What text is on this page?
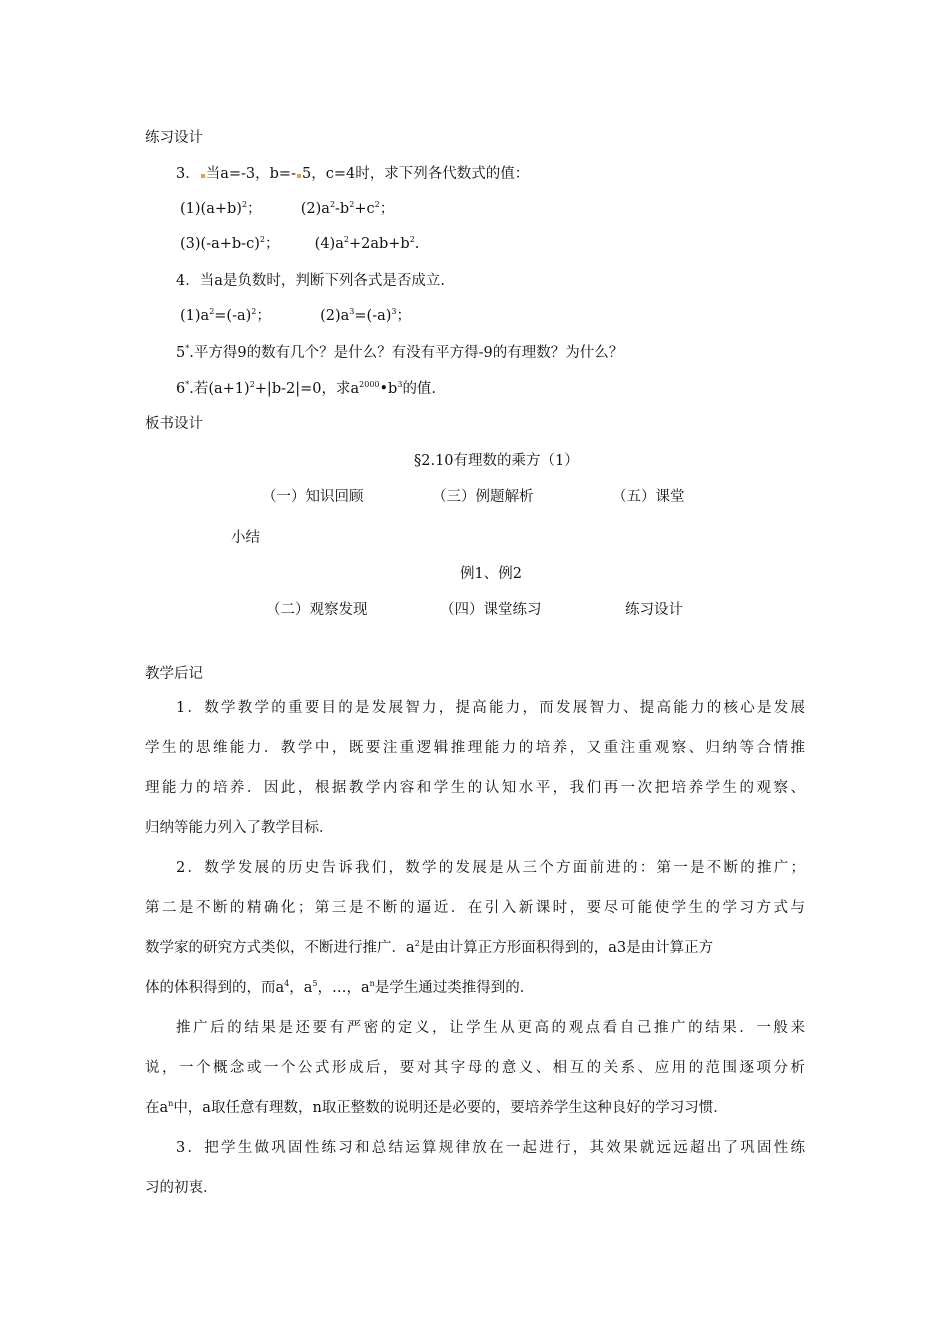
练习设计
3． 当a=-3，b=- 5，c=4时，求下列各代数式的值：
$(1)(a+b)^2$；	$(2)a^2-b^2+c^2$；
$(3)(-a+b-c)^2$； $(4)a^2+2ab+b^2$.
4．当a是负数时，判断下列各式是否成立.
$(1)a^2=(-a)^2$；	$(2)a^3=(-a)^3$；
5*.平方得9的数有几个？是什么？有没有平方得-9的有理数？为什么？
6*.若$(a+1)^2+|b-2|=0$，求$a^{2000}•b^3$的值.
板书设计
§2.10有理数的乘方（1）
（一）知识回顾	（三）例题解析	（五）课堂
小结
例1、例2
（二）观察发现	（四）课堂练习	练习设计
教学后记
1．数学教学的重要目的是发展智力，提高能力，而发展智力、提高能力的核心是发展
学生的思维能力．教学中，既要注重逻辑推理能力的培养，又重注重观察、归纳等合情推
理能力的培养．因此，根据教学内容和学生的认知水平，我们再一次把培养学生的观察、
归纳等能力列入了教学目标．
2．数学发展的历史告诉我们，数学的发展是从三个方面前进的：第一是不断的推广；
第二是不断的精确化；第三是不断的逼近．在引入新课时，要尽可能使学生的学习方式与
数学家的研究方式类似，不断进行推广．$a^2$是由计算正方形面积得到的，a3是由计算正方
体的体积得到的，而$a^4$，$a^5$，…，$a^n$是学生通过类推得到的．
推广后的结果是还要有严密的定义，让学生从更高的观点看自己推广的结果．一般来
说，一个概念或一个公式形成后，要对其字母的意义、相互的关系、应用的范围逐项分析
在$a^n$中，a取任意有理数，n取正整数的说明还是必要的，要培养学生这种良好的学习习惯．
3．把学生做巩固性练习和总结运算规律放在一起进行，其效果就远远超出了巩固性练
习的初衷．
